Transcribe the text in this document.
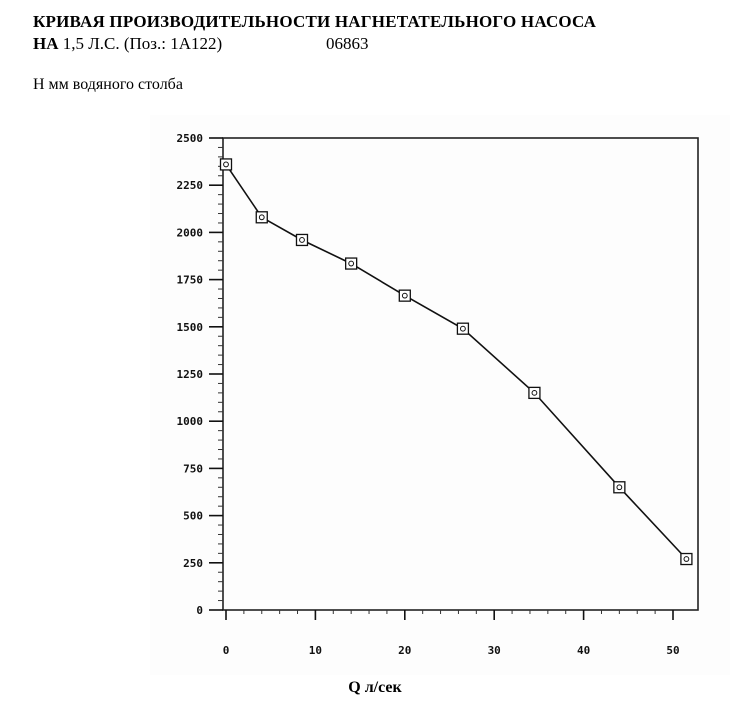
КРИВАЯ ПРОИЗВОДИТЕЛЬНОСТИ НАГНЕТАТЕЛЬНОГО НАСОСА
НА 1,5 Л.С. (Поз.: 1А122)	06863
Н мм водяного столба
2500
2250
2000
1750
1500
1250
1000
750
500
250
0
0	10	20	30	40	50
Q л/сек
